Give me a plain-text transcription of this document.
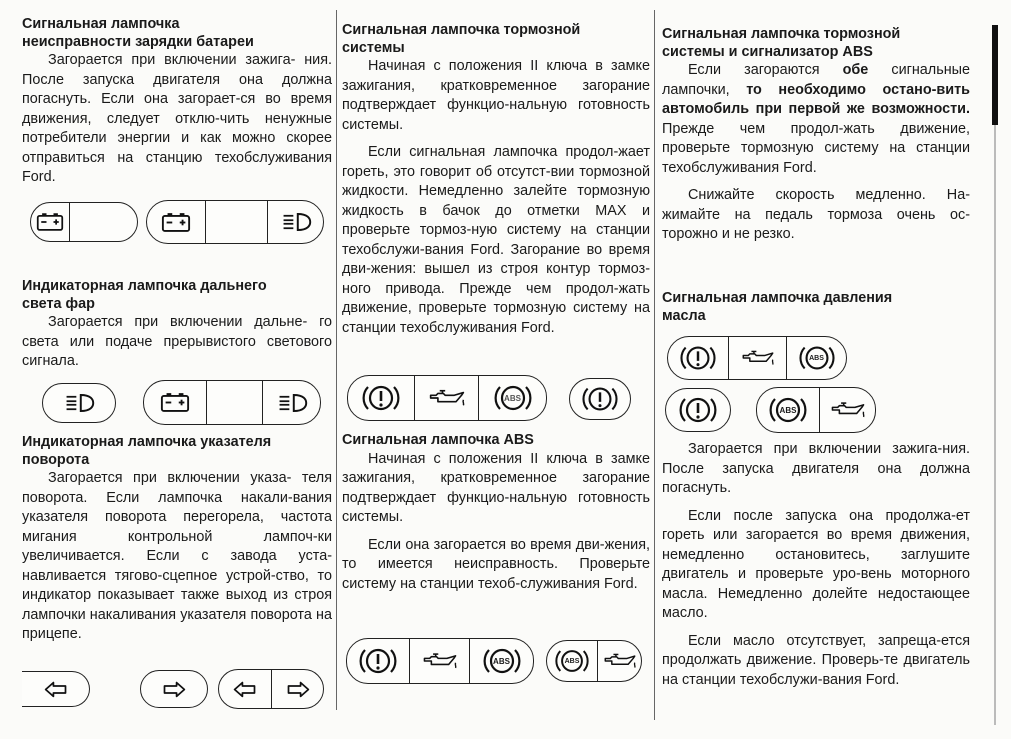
Сигнальная лампочка
неисправности зарядки батареи

Загорается при включении зажига- ния. После запуска двигателя она должна погаснуть. Если она загорает-ся во время движения, следует отклю-чить ненужные потребители энергии и как можно скорее отправиться на станцию техобслуживания Ford.

Индикаторная лампочка дальнего
света фар

Загорается при включении дальне- го света или подаче прерывистого светового сигнала.

Индикаторная лампочка указателя
поворота

Загорается при включении указа- теля поворота. Если лампочка накали-вания указателя поворота перегорела, частота мигания контрольной лампоч-ки увеличивается. Если с завода уста-навливается тягово-сцепное устрой-ство, то индикатор показывает также выход из строя лампочки накаливания указателя поворота на прицепе.

Сигнальная лампочка тормозной
системы

Начиная с положения II ключа в замке зажигания, кратковременное загорание подтверждает функцио-нальную готовность системы.

Если сигнальная лампочка продол-жает гореть, это говорит об отсутст-вии тормозной жидкости. Немедленно залейте тормозную жидкость в бачок до отметки MAX и проверьте тормоз-ную систему на станции техобслужи-вания Ford. Загорание во время дви-жения: вышел из строя контур тормоз-ного привода. Прежде чем продол-жать движение, проверьте тормозную систему на станции техобслуживания Ford.

Сигнальная лампочка ABS

Начиная с положения II ключа в замке зажигания, кратковременное загорание подтверждает функцио-нальную готовность системы.

Если она загорается во время дви-жения, то имеется неисправность. Проверьте систему на станции техоб-служивания Ford.

Сигнальная лампочка тормозной
системы и сигнализатор ABS

Если загораются обе сигнальные лампочки, то необходимо остано-вить автомобиль при первой же возможности. Прежде чем продол-жать движение, проверьте тормозную систему на станции техобслуживания Ford.

Снижайте скорость медленно. На-жимайте на педаль тормоза очень ос-торожно и не резко.

Сигнальная лампочка давления
масла

Загорается при включении зажига-ния. После запуска двигателя она должна погаснуть.

Если после запуска она продолжа-ет гореть или загорается во время движения, немедленно остановитесь, заглушите двигатель и проверьте уро-вень моторного масла. Немедленно долейте недостающее масло.

Если масло отсутствует, запреща-ется продолжать движение. Проверь-те двигатель на станции техобслужи-вания Ford.

ABS
ABS	ABS
ABS
ABS
